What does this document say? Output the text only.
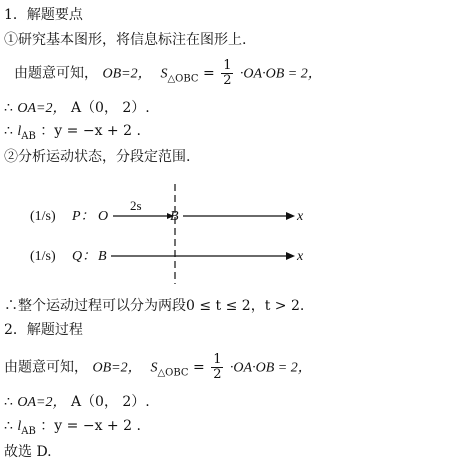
1．解题要点
①研究基本图形，将信息标注在图形上.
由题意可知， OB=2， $S_{\triangle OBC} = \frac{1}{2} \cdot OA\cdot OB = 2$，
∴ OA=2， A（0， 2）.
∴ $l_{AB}$ ：y = −x + 2 .
②分析运动状态，分段定范围.
(1/s) P： O
2s
B	x
(1/s) Q： B	x
∴整个运动过程可以分为两段0 ≤ t ≤ 2，t > 2.
2．解题过程
由题意可知， OB=2， $S_{\triangle OBC} = \frac{1}{2} \cdot OA\cdot OB = 2$，
∴ OA=2， A（0， 2）.
∴ $l_{AB}$ ：y = −x + 2 .
故选 D.
